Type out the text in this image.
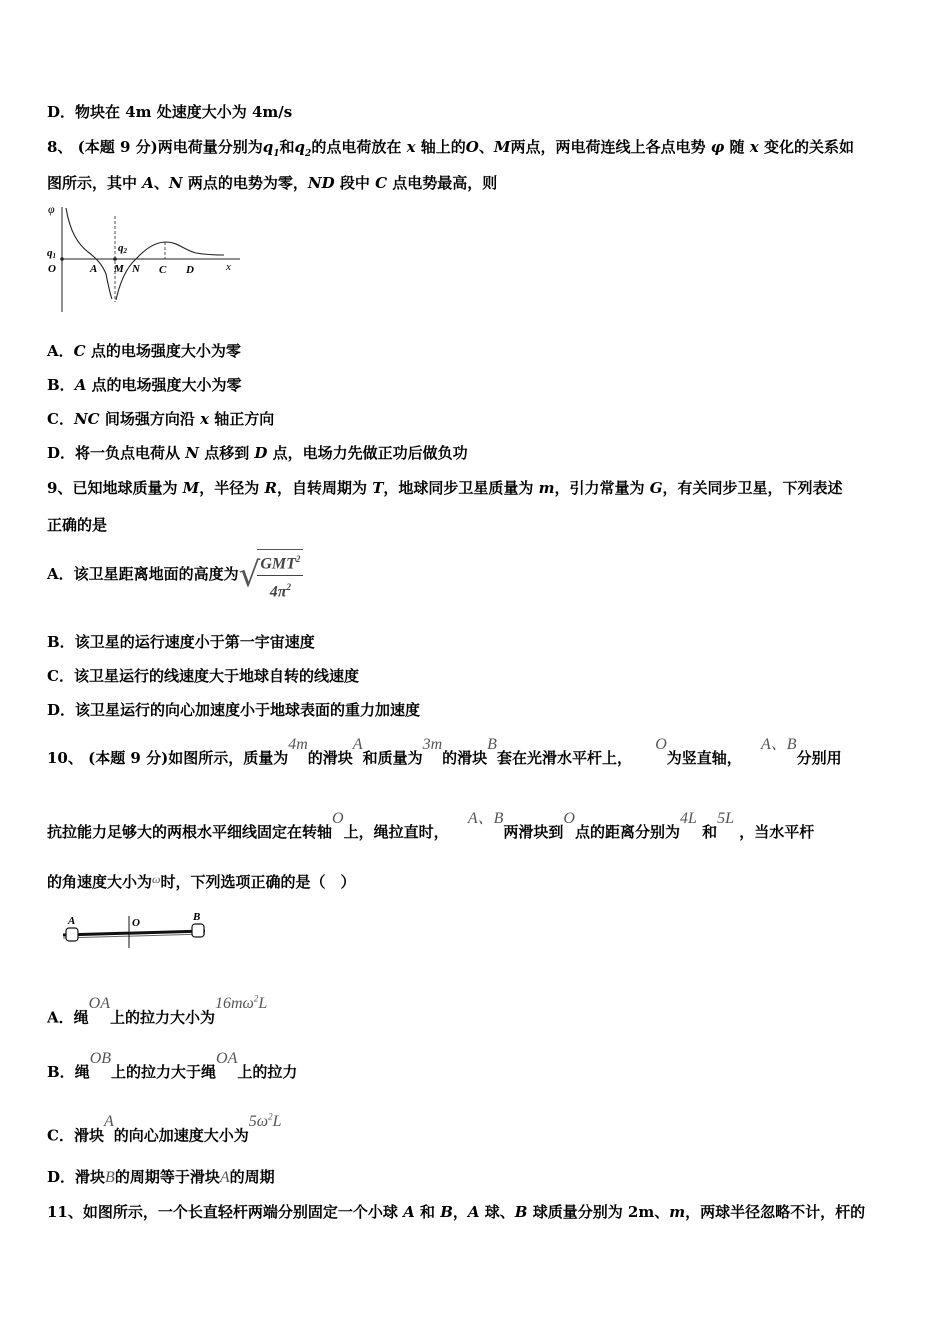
D．物块在 4m 处速度大小为 4m/s
8、 (本题 9 分)两电荷量分别为$q_1$和$q_2$的点电荷放在 x 轴上的O、M两点，两电荷连线上各点电势 φ 随 x 变化的关系如
图所示，其中 A、N 两点的电势为零，ND 段中 C 点电势最高，则
φ
q1
q2
O	A M N C D	x
A．C 点的电场强度大小为零
B．A 点的电场强度大小为零
C．NC 间场强方向沿 x 轴正方向
D．将一负点电荷从 N 点移到 D 点，电场力先做正功后做负功
9、已知地球质量为 M，半径为 R，自转周期为 T，地球同步卫星质量为 m，引力常量为 G，有关同步卫星，下列表述
正确的是
A．该卫星距离地面的高度为√
$\frac{GMT^2}{4\pi^2}$
B．该卫星的运行速度小于第一宇宙速度
C．该卫星运行的线速度大于地球自转的线速度
D．该卫星运行的向心加速度小于地球表面的重力加速度
10、 (本题 9 分)如图所示，质量为4m的滑块A和质量为3m的滑块B套在光滑水平杆上， O为竖直轴， A、B分别用
抗拉能力足够大的两根水平细线固定在转轴O上，绳拉直时， A、B两滑块到O点的距离分别为4L 和5L ，当水平杆
的角速度大小为$^\omega$时，下列选项正确的是（　）
A	O	B
A．绳OA上的拉力大小为$16m\omega^2L$
B．绳OB上的拉力大于绳OA上的拉力
C．滑块A的向心加速度大小为$5\omega^2L$
D．滑块B的周期等于滑块A的周期
11、如图所示，一个长直轻杆两端分别固定一个小球 A 和 B，A 球、B 球质量分别为 2m、m，两球半径忽略不计，杆的
